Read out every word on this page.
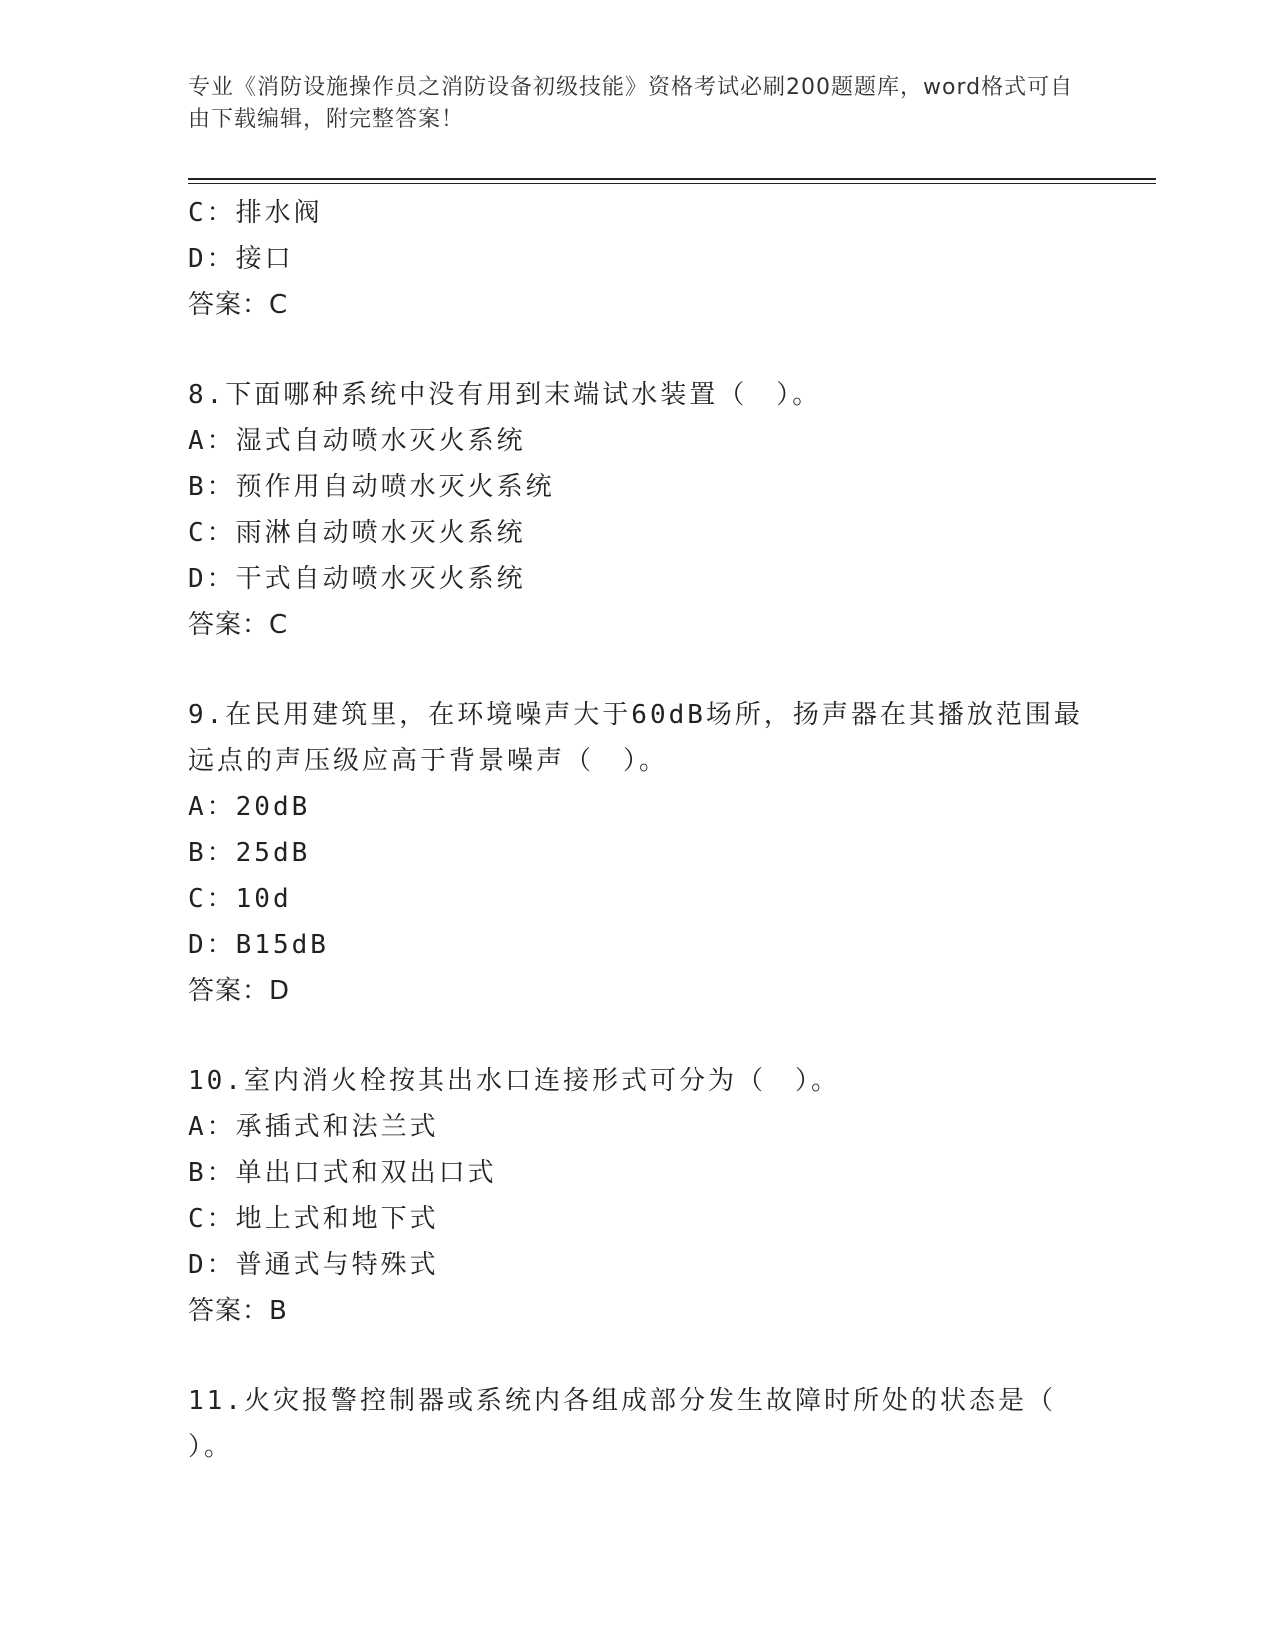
专业《消防设施操作员之消防设备初级技能》资格考试必刷200题题库，word格式可自由下载编辑，附完整答案！
C：排水阀
D：接口
答案：C
8.下面哪种系统中没有用到末端试水装置（　）。
A：湿式自动喷水灭火系统
B：预作用自动喷水灭火系统
C：雨淋自动喷水灭火系统
D：干式自动喷水灭火系统
答案：C
9.在民用建筑里，在环境噪声大于60dB场所，扬声器在其播放范围最
远点的声压级应高于背景噪声（　）。
A：20dB
B：25dB
C：10d
D：B15dB
答案：D
10.室内消火栓按其出水口连接形式可分为（　）。
A：承插式和法兰式
B：单出口式和双出口式
C：地上式和地下式
D：普通式与特殊式
答案：B
11.火灾报警控制器或系统内各组成部分发生故障时所处的状态是（
）。
